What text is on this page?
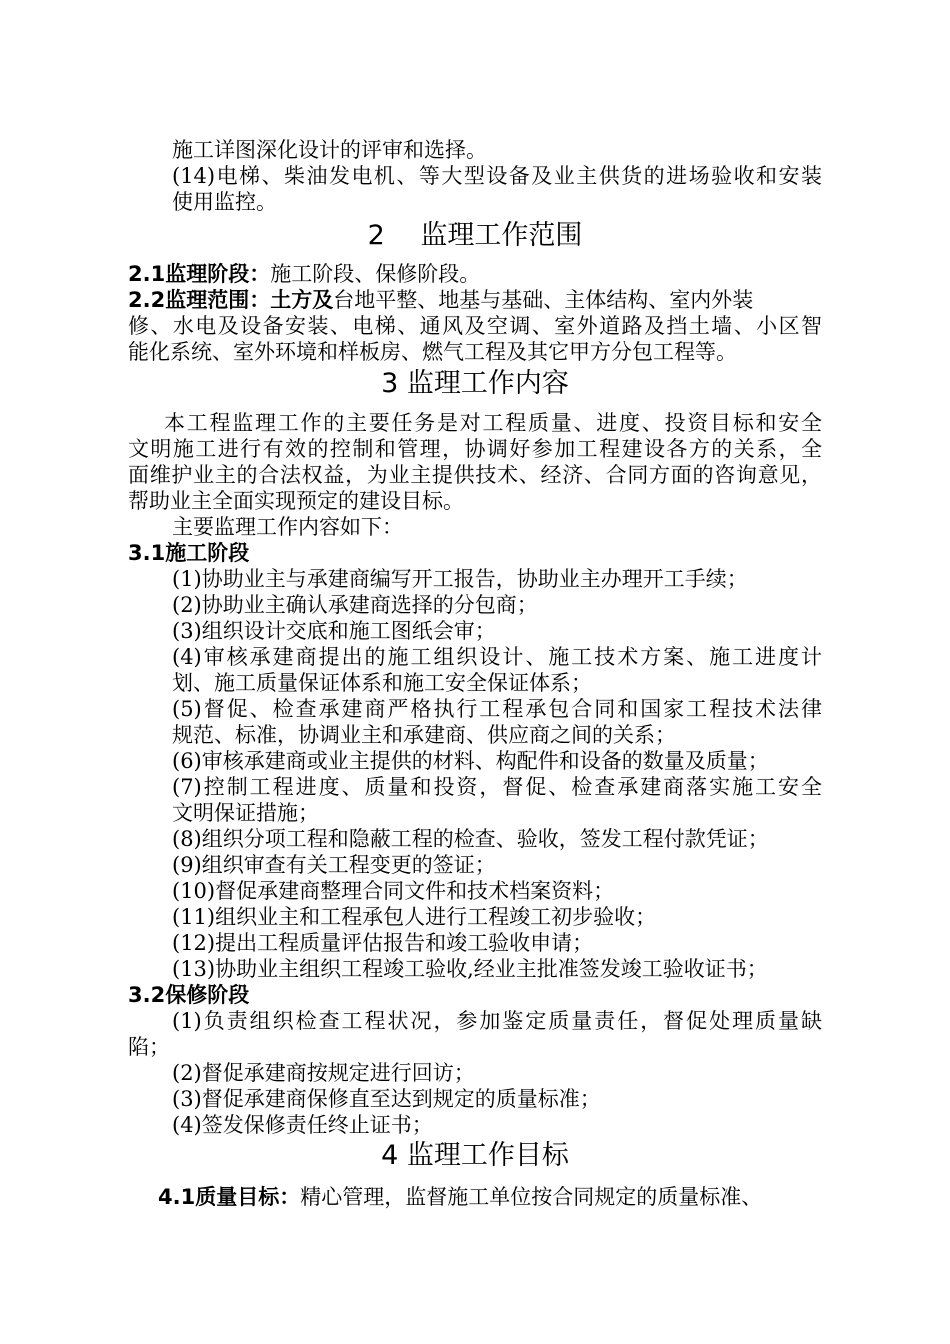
施工详图深化设计的评审和选择。
(14)电梯、柴油发电机、等大型设备及业主供货的进场验收和安装
使用监控。
2　 监理工作范围
2.1监理阶段：施工阶段、保修阶段。
2.2监理范围：土方及台地平整、地基与基础、主体结构、室内外装
修、水电及设备安装、电梯、通风及空调、室外道路及挡土墙、小区智
能化系统、室外环境和样板房、燃气工程及其它甲方分包工程等。
3 监理工作内容
本工程监理工作的主要任务是对工程质量、进度、投资目标和安全
文明施工进行有效的控制和管理，协调好参加工程建设各方的关系，全
面维护业主的合法权益，为业主提供技术、经济、合同方面的咨询意见，
帮助业主全面实现预定的建设目标。
主要监理工作内容如下：
3.1施工阶段
(1)协助业主与承建商编写开工报告，协助业主办理开工手续；
(2)协助业主确认承建商选择的分包商；
(3)组织设计交底和施工图纸会审；
(4)审核承建商提出的施工组织设计、施工技术方案、施工进度计
划、施工质量保证体系和施工安全保证体系；
(5)督促、检查承建商严格执行工程承包合同和国家工程技术法律
规范、标准，协调业主和承建商、供应商之间的关系；
(6)审核承建商或业主提供的材料、构配件和设备的数量及质量；
(7)控制工程进度、质量和投资，督促、检查承建商落实施工安全
文明保证措施；
(8)组织分项工程和隐蔽工程的检查、验收，签发工程付款凭证；
(9)组织审查有关工程变更的签证；
(10)督促承建商整理合同文件和技术档案资料；
(11)组织业主和工程承包人进行工程竣工初步验收；
(12)提出工程质量评估报告和竣工验收申请；
(13)协助业主组织工程竣工验收,经业主批准签发竣工验收证书；
3.2保修阶段
(1)负责组织检查工程状况，参加鉴定质量责任，督促处理质量缺
陷；
(2)督促承建商按规定进行回访；
(3)督促承建商保修直至达到规定的质量标准；
(4)签发保修责任终止证书；
4 监理工作目标
4.1质量目标：精心管理，监督施工单位按合同规定的质量标准、
